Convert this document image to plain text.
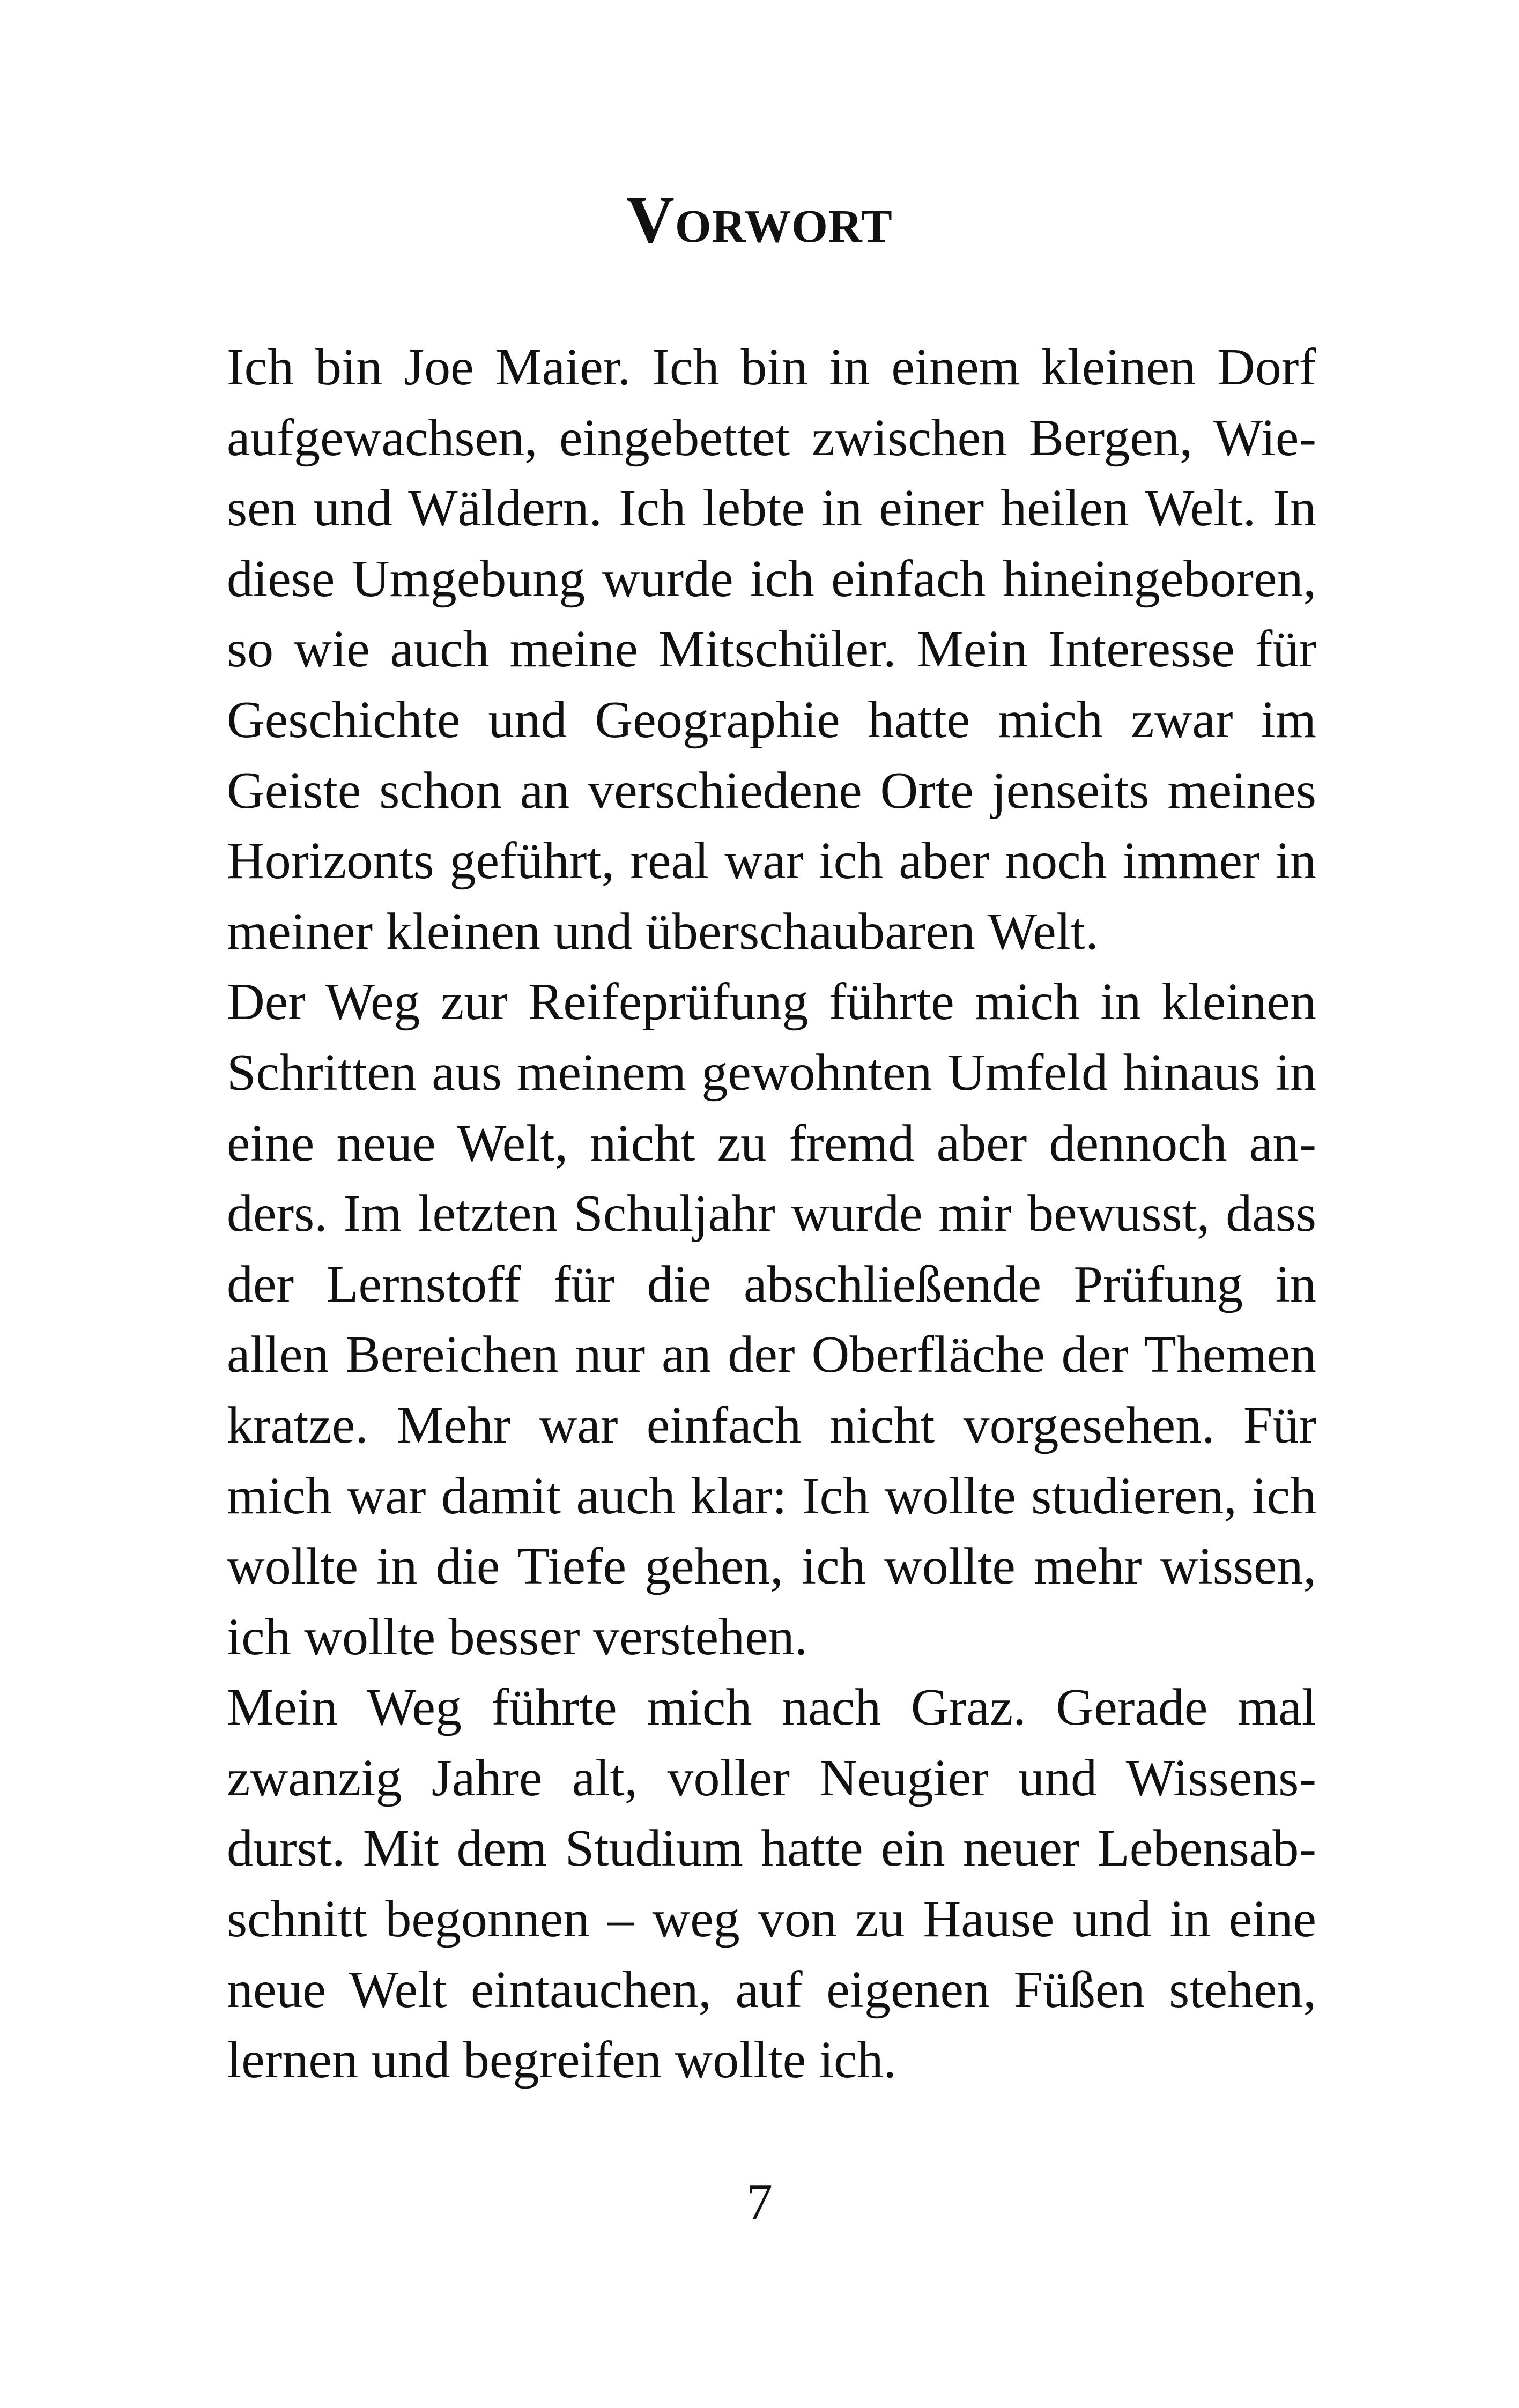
Vorwort
Ich bin Joe Maier. Ich bin in einem kleinen Dorf
aufgewachsen, eingebettet zwischen Bergen, Wie-
sen und Wäldern. Ich lebte in einer heilen Welt. In
diese Umgebung wurde ich einfach hineingeboren,
so wie auch meine Mitschüler. Mein Interesse für
Geschichte und Geographie hatte mich zwar im
Geiste schon an verschiedene Orte jenseits meines
Horizonts geführt, real war ich aber noch immer in
meiner kleinen und überschaubaren Welt.
Der Weg zur Reifeprüfung führte mich in kleinen
Schritten aus meinem gewohnten Umfeld hinaus in
eine neue Welt, nicht zu fremd aber dennoch an-
ders. Im letzten Schuljahr wurde mir bewusst, dass
der Lernstoff für die abschließende Prüfung in
allen Bereichen nur an der Oberfläche der Themen
kratze. Mehr war einfach nicht vorgesehen. Für
mich war damit auch klar: Ich wollte studieren, ich
wollte in die Tiefe gehen, ich wollte mehr wissen,
ich wollte besser verstehen.
Mein Weg führte mich nach Graz. Gerade mal
zwanzig Jahre alt, voller Neugier und Wissens-
durst. Mit dem Studium hatte ein neuer Lebensab-
schnitt begonnen – weg von zu Hause und in eine
neue Welt eintauchen, auf eigenen Füßen stehen,
lernen und begreifen wollte ich.
7
